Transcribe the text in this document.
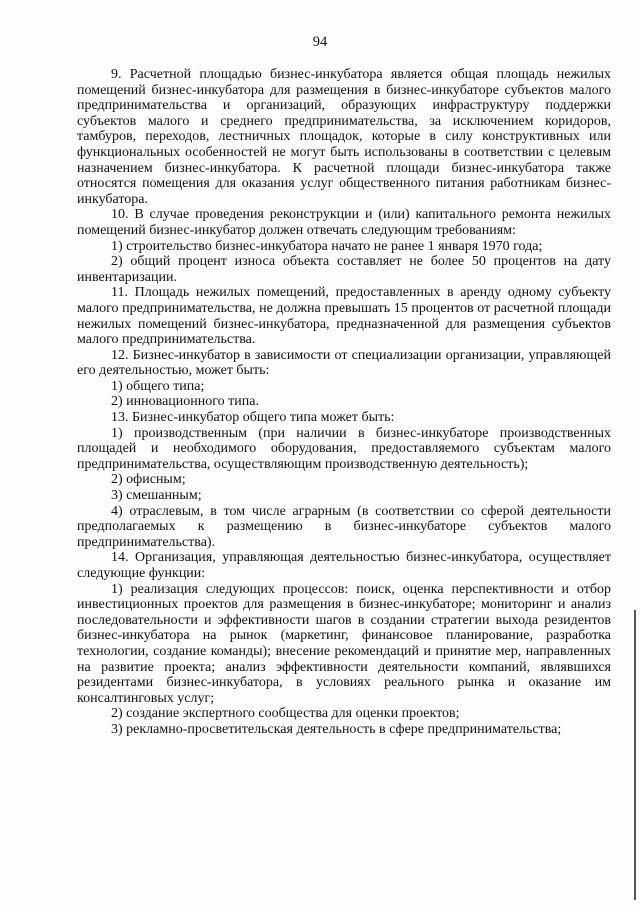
94

9. Расчетной площадью бизнес-инкубатора является общая площадь нежилых помещений бизнес-инкубатора для размещения в бизнес-инкубаторе субъектов малого предпринимательства и организаций, образующих инфраструктуру поддержки субъектов малого и среднего предпринимательства, за исключением коридоров, тамбуров, переходов, лестничных площадок, которые в силу конструктивных или функциональных особенностей не могут быть использованы в соответствии с целевым назначением бизнес-инкубатора. К расчетной площади бизнес-инкубатора также относятся помещения для оказания услуг общественного питания работникам бизнес-инкубатора.

10. В случае проведения реконструкции и (или) капитального ремонта нежилых помещений бизнес-инкубатор должен отвечать следующим требованиям:

1) строительство бизнес-инкубатора начато не ранее 1 января 1970 года;

2) общий процент износа объекта составляет не более 50 процентов на дату инвентаризации.

11. Площадь нежилых помещений, предоставленных в аренду одному субъекту малого предпринимательства, не должна превышать 15 процентов от расчетной площади нежилых помещений бизнес-инкубатора, предназначенной для размещения субъектов малого предпринимательства.

12. Бизнес-инкубатор в зависимости от специализации организации, управляющей его деятельностью, может быть:

1) общего типа;

2) инновационного типа.

13. Бизнес-инкубатор общего типа может быть:

1) производственным (при наличии в бизнес-инкубаторе производственных площадей и необходимого оборудования, предоставляемого субъектам малого предпринимательства, осуществляющим производственную деятельность);

2) офисным;

3) смешанным;

4) отраслевым, в том числе аграрным (в соответствии со сферой деятельности предполагаемых к размещению в бизнес-инкубаторе субъектов малого предпринимательства).

14. Организация, управляющая деятельностью бизнес-инкубатора, осуществляет следующие функции:

1) реализация следующих процессов: поиск, оценка перспективности и отбор инвестиционных проектов для размещения в бизнес-инкубаторе; мониторинг и анализ последовательности и эффективности шагов в создании стратегии выхода резидентов бизнес-инкубатора на рынок (маркетинг, финансовое планирование, разработка технологии, создание команды); внесение рекомендаций и принятие мер, направленных на развитие проекта; анализ эффективности деятельности компаний, являвшихся резидентами бизнес-инкубатора, в условиях реального рынка и оказание им консалтинговых услуг;

2) создание экспертного сообщества для оценки проектов;

3) рекламно-просветительская деятельность в сфере предпринимательства;
